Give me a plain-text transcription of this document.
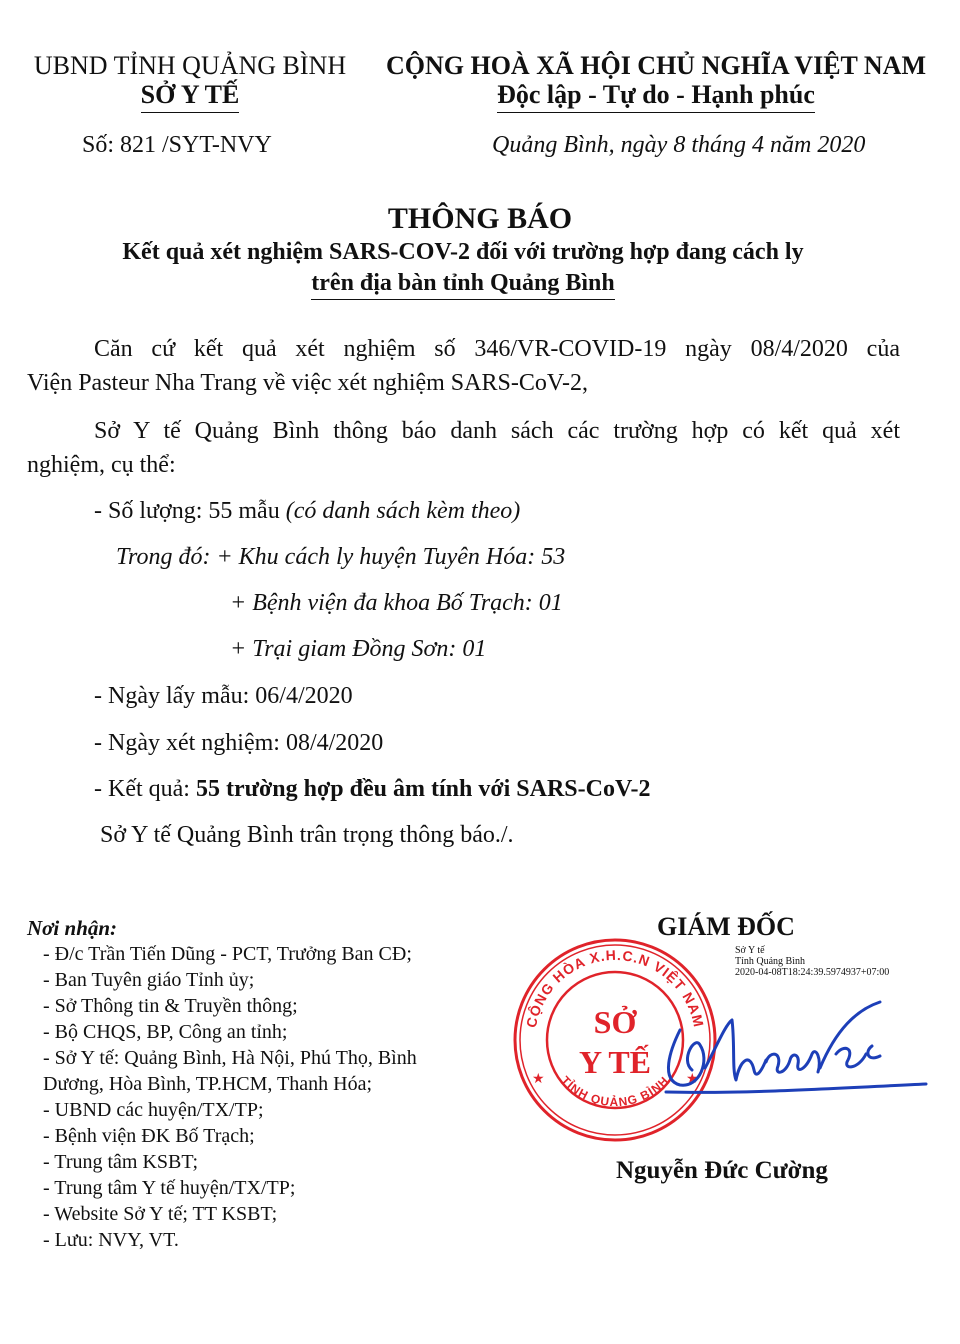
UBND TỈNH QUẢNG BÌNH
SỞ Y TẾ
Số: 821 /SYT-NVY
CỘNG HOÀ XÃ HỘI CHỦ NGHĨA VIỆT NAM
Độc lập - Tự do - Hạnh phúc
Quảng Bình, ngày 8 tháng 4 năm 2020
THÔNG BÁO
Kết quả xét nghiệm SARS-COV-2 đối với trường hợp đang cách ly
trên địa bàn tỉnh Quảng Bình
Căn cứ kết quả xét nghiệm số 346/VR-COVID-19 ngày 08/4/2020 của
Viện Pasteur Nha Trang về việc xét nghiệm SARS-CoV-2,
Sở Y tế Quảng Bình thông báo danh sách các trường hợp có kết quả xét
nghiệm, cụ thể:
- Số lượng: 55 mẫu (có danh sách kèm theo)
Trong đó: + Khu cách ly huyện Tuyên Hóa: 53
+ Bệnh viện đa khoa Bố Trạch: 01
+ Trại giam Đồng Sơn: 01
- Ngày lấy mẫu: 06/4/2020
- Ngày xét nghiệm: 08/4/2020
- Kết quả: 55 trường hợp đều âm tính với SARS-CoV-2
Sở Y tế Quảng Bình trân trọng thông báo./.
Nơi nhận:
- Đ/c Trần Tiến Dũng - PCT, Trưởng Ban CĐ;
- Ban Tuyên giáo Tỉnh ủy;
- Sở Thông tin & Truyền thông;
- Bộ CHQS, BP, Công an tỉnh;
- Sở Y tế: Quảng Bình, Hà Nội, Phú Thọ, Bình
Dương, Hòa Bình, TP.HCM, Thanh Hóa;
- UBND các huyện/TX/TP;
- Bệnh viện ĐK Bố Trạch;
- Trung tâm KSBT;
- Trung tâm Y tế huyện/TX/TP;
- Website Sở Y tế; TT KSBT;
- Lưu: NVY, VT.
GIÁM ĐỐC
Sở Y tế
Tỉnh Quảng Bình
2020-04-08T18:24:39.5974937+07:00
CỘNG HÒA X.H.C.N VIỆT NAM
TỈNH QUẢNG BÌNH
★	★
SỞ
Y TẾ
Nguyễn Đức Cường
